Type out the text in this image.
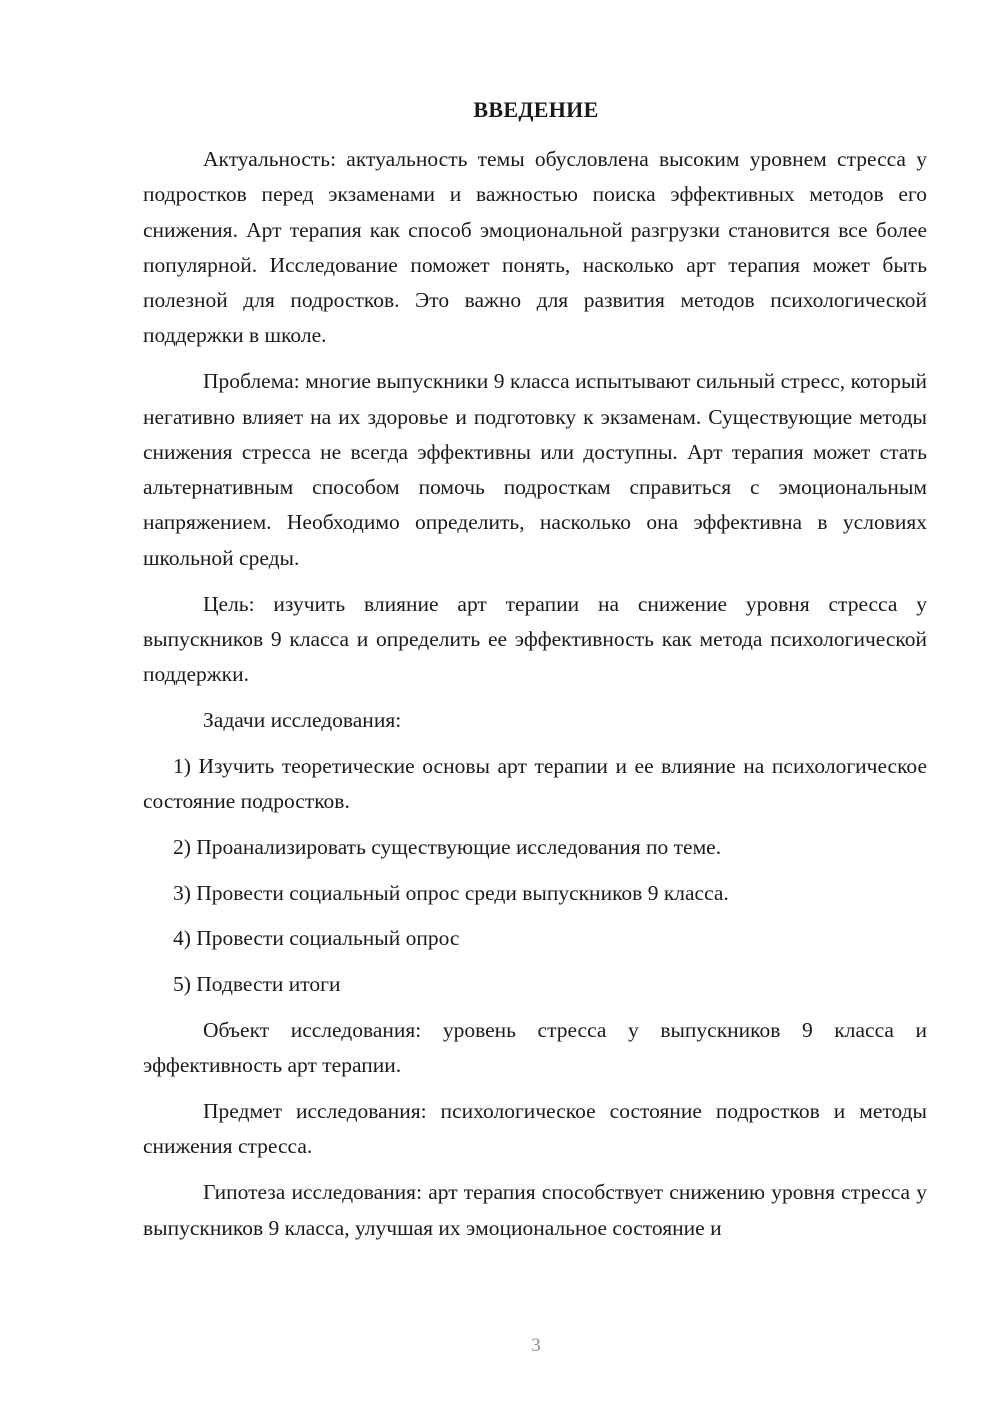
ВВЕДЕНИЕ

Актуальность: актуальность темы обусловлена высоким уровнем стресса у подростков перед экзаменами и важностью поиска эффективных методов его снижения. Арт терапия как способ эмоциональной разгрузки становится все более популярной. Исследование поможет понять, насколько арт терапия может быть полезной для подростков. Это важно для развития методов психологической поддержки в школе.

Проблема: многие выпускники 9 класса испытывают сильный стресс, который негативно влияет на их здоровье и подготовку к экзаменам. Существующие методы снижения стресса не всегда эффективны или доступны. Арт терапия может стать альтернативным способом помочь подросткам справиться с эмоциональным напряжением. Необходимо определить, насколько она эффективна в условиях школьной среды.

Цель: изучить влияние арт терапии на снижение уровня стресса у выпускников 9 класса и определить ее эффективность как метода психологической поддержки.

Задачи исследования:

1) Изучить теоретические основы арт терапии и ее влияние на психологическое состояние подростков.

2) Проанализировать существующие исследования по теме.

3) Провести социальный опрос среди выпускников 9 класса.

4) Провести социальный опрос

5) Подвести итоги

Объект исследования: уровень стресса у выпускников 9 класса и эффективность арт терапии.

Предмет исследования: психологическое состояние подростков и методы снижения стресса.

Гипотеза исследования: арт терапия способствует снижению уровня стресса у выпускников 9 класса, улучшая их эмоциональное состояние и

3
